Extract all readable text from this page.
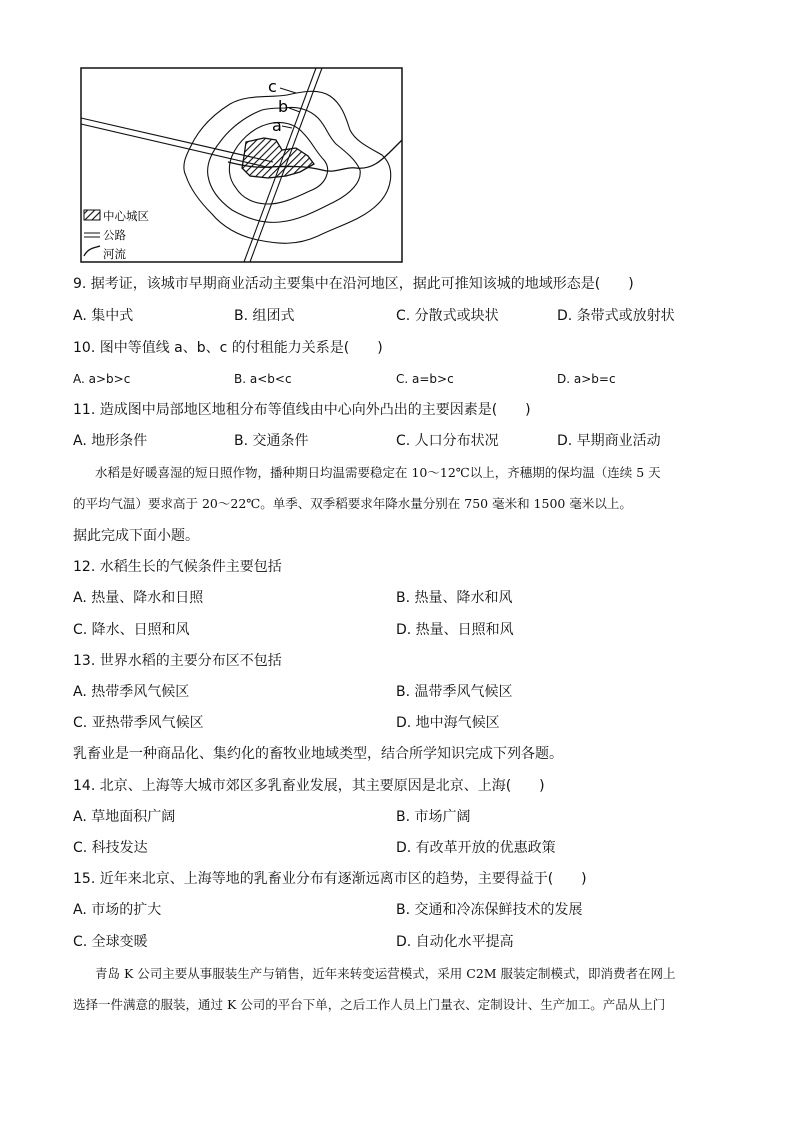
c
b
a
中心城区
公路
河流
9. 据考证，该城市早期商业活动主要集中在沿河地区，据此可推知该城的地域形态是(　　)
A. 集中式	B. 组团式	C. 分散式或块状	D. 条带式或放射状
10. 图中等值线 a、b、c 的付租能力关系是(　　)
A. a>b>c	B. a<b<c	C. a=b>c	D. a>b=c
11. 造成图中局部地区地租分布等值线由中心向外凸出的主要因素是(　　)
A. 地形条件	B. 交通条件	C. 人口分布状况	D. 早期商业活动
水稻是好暖喜湿的短日照作物，播种期日均温需要稳定在 10～12℃以上，齐穗期的保均温（连续 5 天
的平均气温）要求高于 20～22℃。单季、双季稻要求年降水量分别在 750 毫米和 1500 毫米以上。
据此完成下面小题。
12. 水稻生长的气候条件主要包括
A. 热量、降水和日照	B. 热量、降水和风
C. 降水、日照和风	D. 热量、日照和风
13. 世界水稻的主要分布区不包括
A. 热带季风气候区	B. 温带季风气候区
C. 亚热带季风气候区	D. 地中海气候区
乳畜业是一种商品化、集约化的畜牧业地域类型，结合所学知识完成下列各题。
14. 北京、上海等大城市郊区多乳畜业发展，其主要原因是北京、上海(　　)
A. 草地面积广阔	B. 市场广阔
C. 科技发达	D. 有改革开放的优惠政策
15. 近年来北京、上海等地的乳畜业分布有逐渐远离市区的趋势，主要得益于(　　)
A. 市场的扩大	B. 交通和冷冻保鲜技术的发展
C. 全球变暖	D. 自动化水平提高
青岛 K 公司主要从事服装生产与销售，近年来转变运营模式，采用 C2M 服装定制模式，即消费者在网上
选择一件满意的服装，通过 K 公司的平台下单，之后工作人员上门量衣、定制设计、生产加工。产品从上门
